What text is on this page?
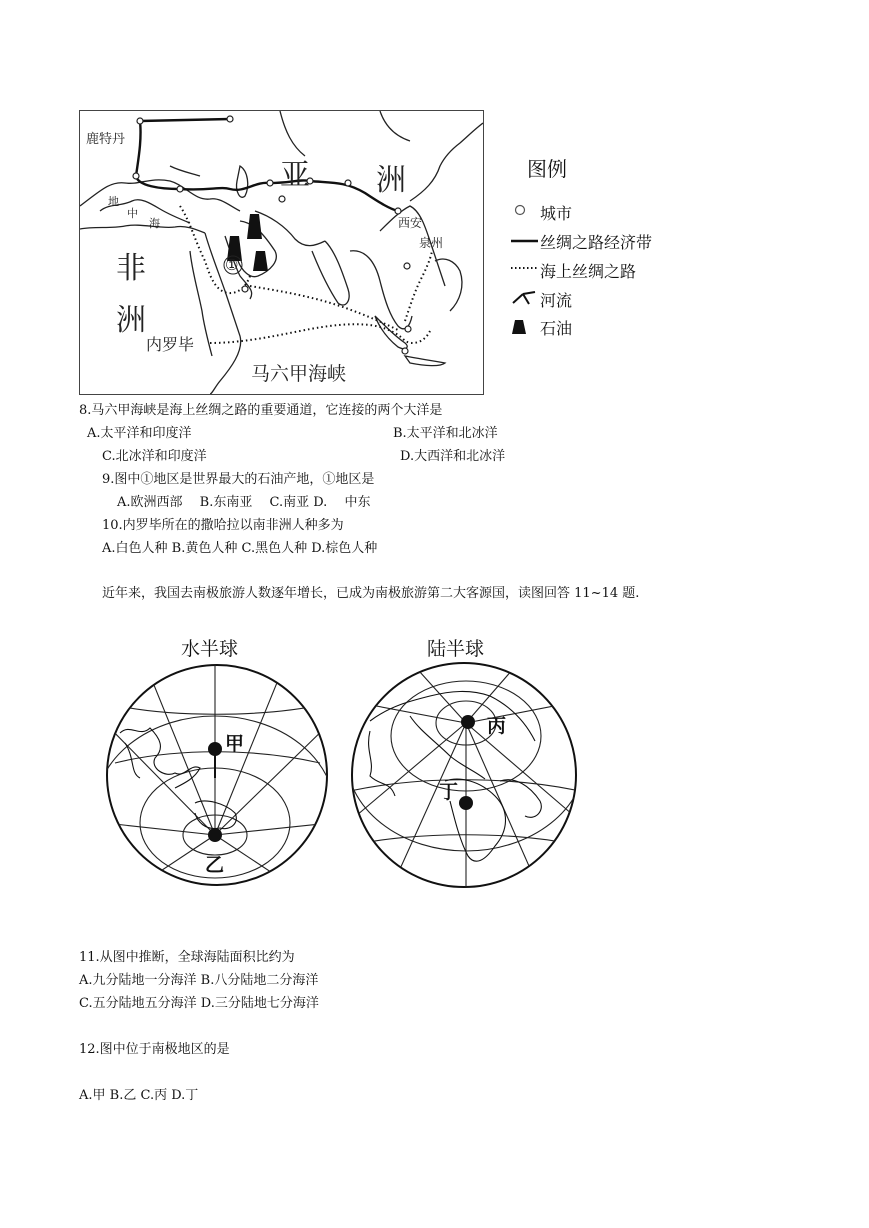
鹿特丹
亚 洲
非
洲
西安
泉州
内罗毕
马六甲海峡
①
地
中
海
图例
城市
丝绸之路经济带
海上丝绸之路
河流
石油
8.马六甲海峡是海上丝绸之路的重要通道，它连接的两个大洋是
A.太平洋和印度洋	B.太平洋和北冰洋
C.北冰洋和印度洋	D.大西洋和北冰洋
9.图中①地区是世界最大的石油产地，①地区是
A.欧洲西部　 B.东南亚　 C.南亚 D.　 中东
10.内罗毕所在的撒哈拉以南非洲人种多为
A.白色人种 B.黄色人种 C.黑色人种 D.棕色人种
近年来，我国去南极旅游人数逐年增长，已成为南极旅游第二大客源国，读图回答 11~14 题.
水半球	陆半球
甲
乙
丙
丁
11.从图中推断，全球海陆面积比约为
A.九分陆地一分海洋 B.八分陆地二分海洋
C.五分陆地五分海洋 D.三分陆地七分海洋
12.图中位于南极地区的是
A.甲 B.乙 C.丙 D.丁
